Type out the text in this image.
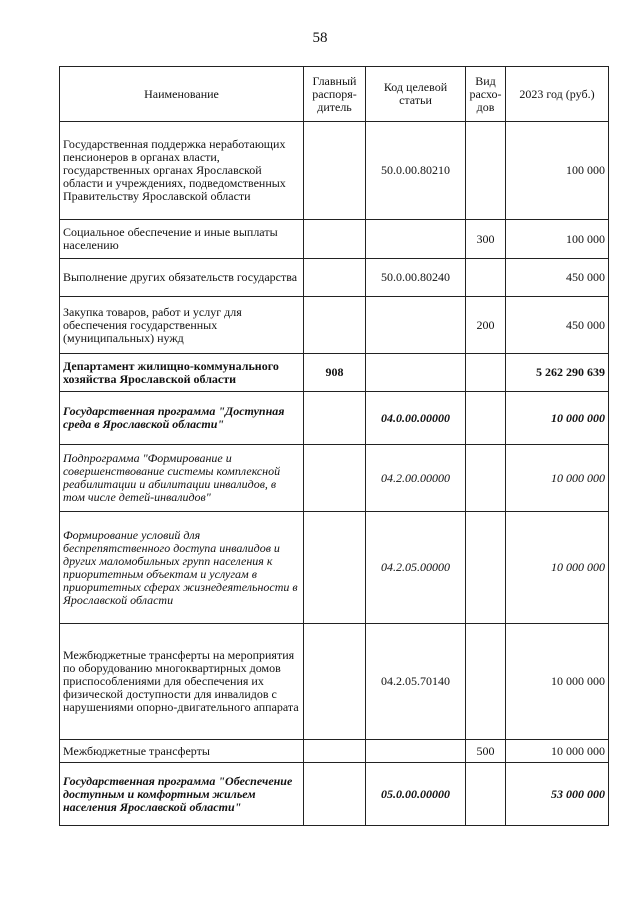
58
Наименование	Главный распоря-дитель	Код целевой статьи	Вид расхо-дов	2023 год (руб.)
Государственная поддержка неработающих пенсионеров в органах власти, государственных органах Ярославской области и учреждениях, подведомственных Правительству Ярославской области		50.0.00.80210		100 000
Социальное обеспечение и иные выплаты населению			300	100 000
Выполнение других обязательств государства		50.0.00.80240		450 000
Закупка товаров, работ и услуг для обеспечения государственных (муниципальных) нужд			200	450 000
Департамент жилищно-коммунального хозяйства Ярославской области	908			5 262 290 639
Государственная программа "Доступная среда в Ярославской области"		04.0.00.00000		10 000 000
Подпрограмма "Формирование и совершенствование системы комплексной реабилитации и абилитации инвалидов, в том числе детей-инвалидов"		04.2.00.00000		10 000 000
Формирование условий для беспрепятственного доступа инвалидов и других маломобильных групп населения к приоритетным объектам и услугам в приоритетных сферах жизнедеятельности в Ярославской области		04.2.05.00000		10 000 000
Межбюджетные трансферты на мероприятия по оборудованию многоквартирных домов приспособлениями для обеспечения их физической доступности для инвалидов с нарушениями опорно-двигательного аппарата		04.2.05.70140		10 000 000
Межбюджетные трансферты			500	10 000 000
Государственная программа "Обеспечение доступным и комфортным жильем населения Ярославской области"		05.0.00.00000		53 000 000
